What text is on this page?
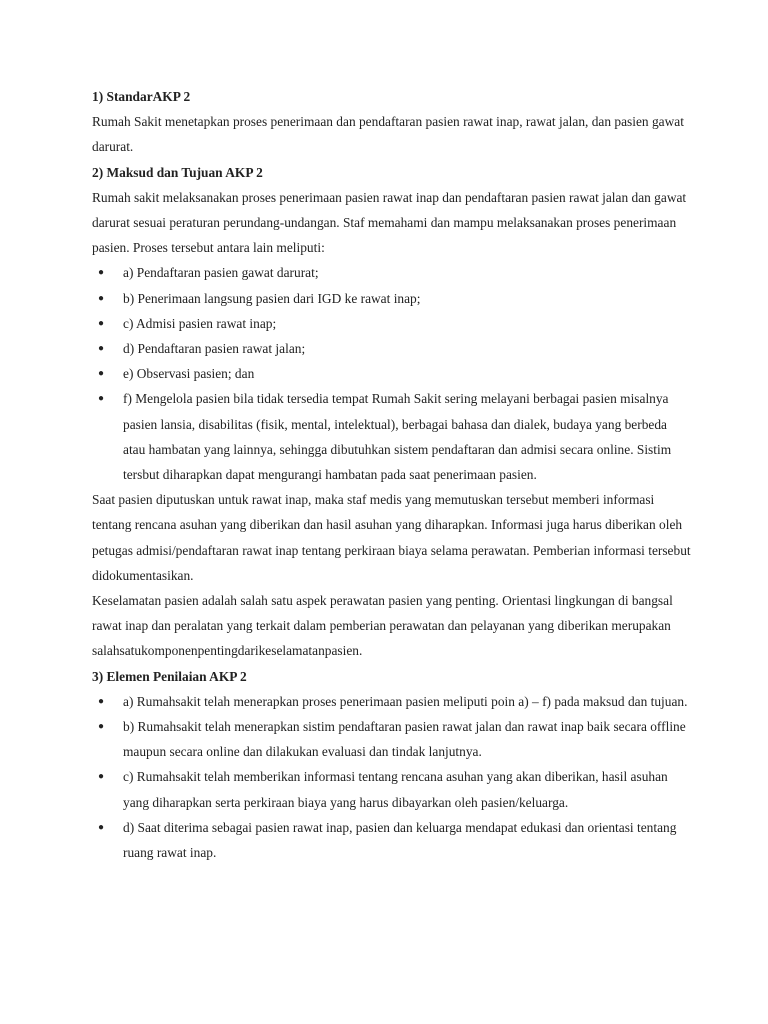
1) StandarAKP 2

Rumah Sakit menetapkan proses penerimaan dan pendaftaran pasien rawat inap, rawat jalan, dan pasien gawat darurat.

2) Maksud dan Tujuan AKP 2

Rumah sakit melaksanakan proses penerimaan pasien rawat inap dan pendaftaran pasien rawat jalan dan gawat darurat sesuai peraturan perundang-undangan. Staf memahami dan mampu melaksanakan proses penerimaan pasien. Proses tersebut antara lain meliputi:

● a) Pendaftaran pasien gawat darurat;
● b) Penerimaan langsung pasien dari IGD ke rawat inap;
● c) Admisi pasien rawat inap;
● d) Pendaftaran pasien rawat jalan;
● e) Observasi pasien; dan
● f) Mengelola pasien bila tidak tersedia tempat Rumah Sakit sering melayani berbagai pasien misalnya pasien lansia, disabilitas (fisik, mental, intelektual), berbagai bahasa dan dialek, budaya yang berbeda atau hambatan yang lainnya, sehingga dibutuhkan sistem pendaftaran dan admisi secara online. Sistim tersbut diharapkan dapat mengurangi hambatan pada saat penerimaan pasien.

Saat pasien diputuskan untuk rawat inap, maka staf medis yang memutuskan tersebut memberi informasi tentang rencana asuhan yang diberikan dan hasil asuhan yang diharapkan. Informasi juga harus diberikan oleh petugas admisi/pendaftaran rawat inap tentang perkiraan biaya selama perawatan. Pemberian informasi tersebut didokumentasikan.

Keselamatan pasien adalah salah satu aspek perawatan pasien yang penting. Orientasi lingkungan di bangsal rawat inap dan peralatan yang terkait dalam pemberian perawatan dan pelayanan yang diberikan merupakan salahsatukomponenpentingdarikeselamatanpasien.

3) Elemen Penilaian AKP 2

● a) Rumahsakit telah menerapkan proses penerimaan pasien meliputi poin a) – f) pada maksud dan tujuan.
● b) Rumahsakit telah menerapkan sistim pendaftaran pasien rawat jalan dan rawat inap baik secara offline maupun secara online dan dilakukan evaluasi dan tindak lanjutnya.
● c) Rumahsakit telah memberikan informasi tentang rencana asuhan yang akan diberikan, hasil asuhan yang diharapkan serta perkiraan biaya yang harus dibayarkan oleh pasien/keluarga.
● d) Saat diterima sebagai pasien rawat inap, pasien dan keluarga mendapat edukasi dan orientasi tentang ruang rawat inap.
